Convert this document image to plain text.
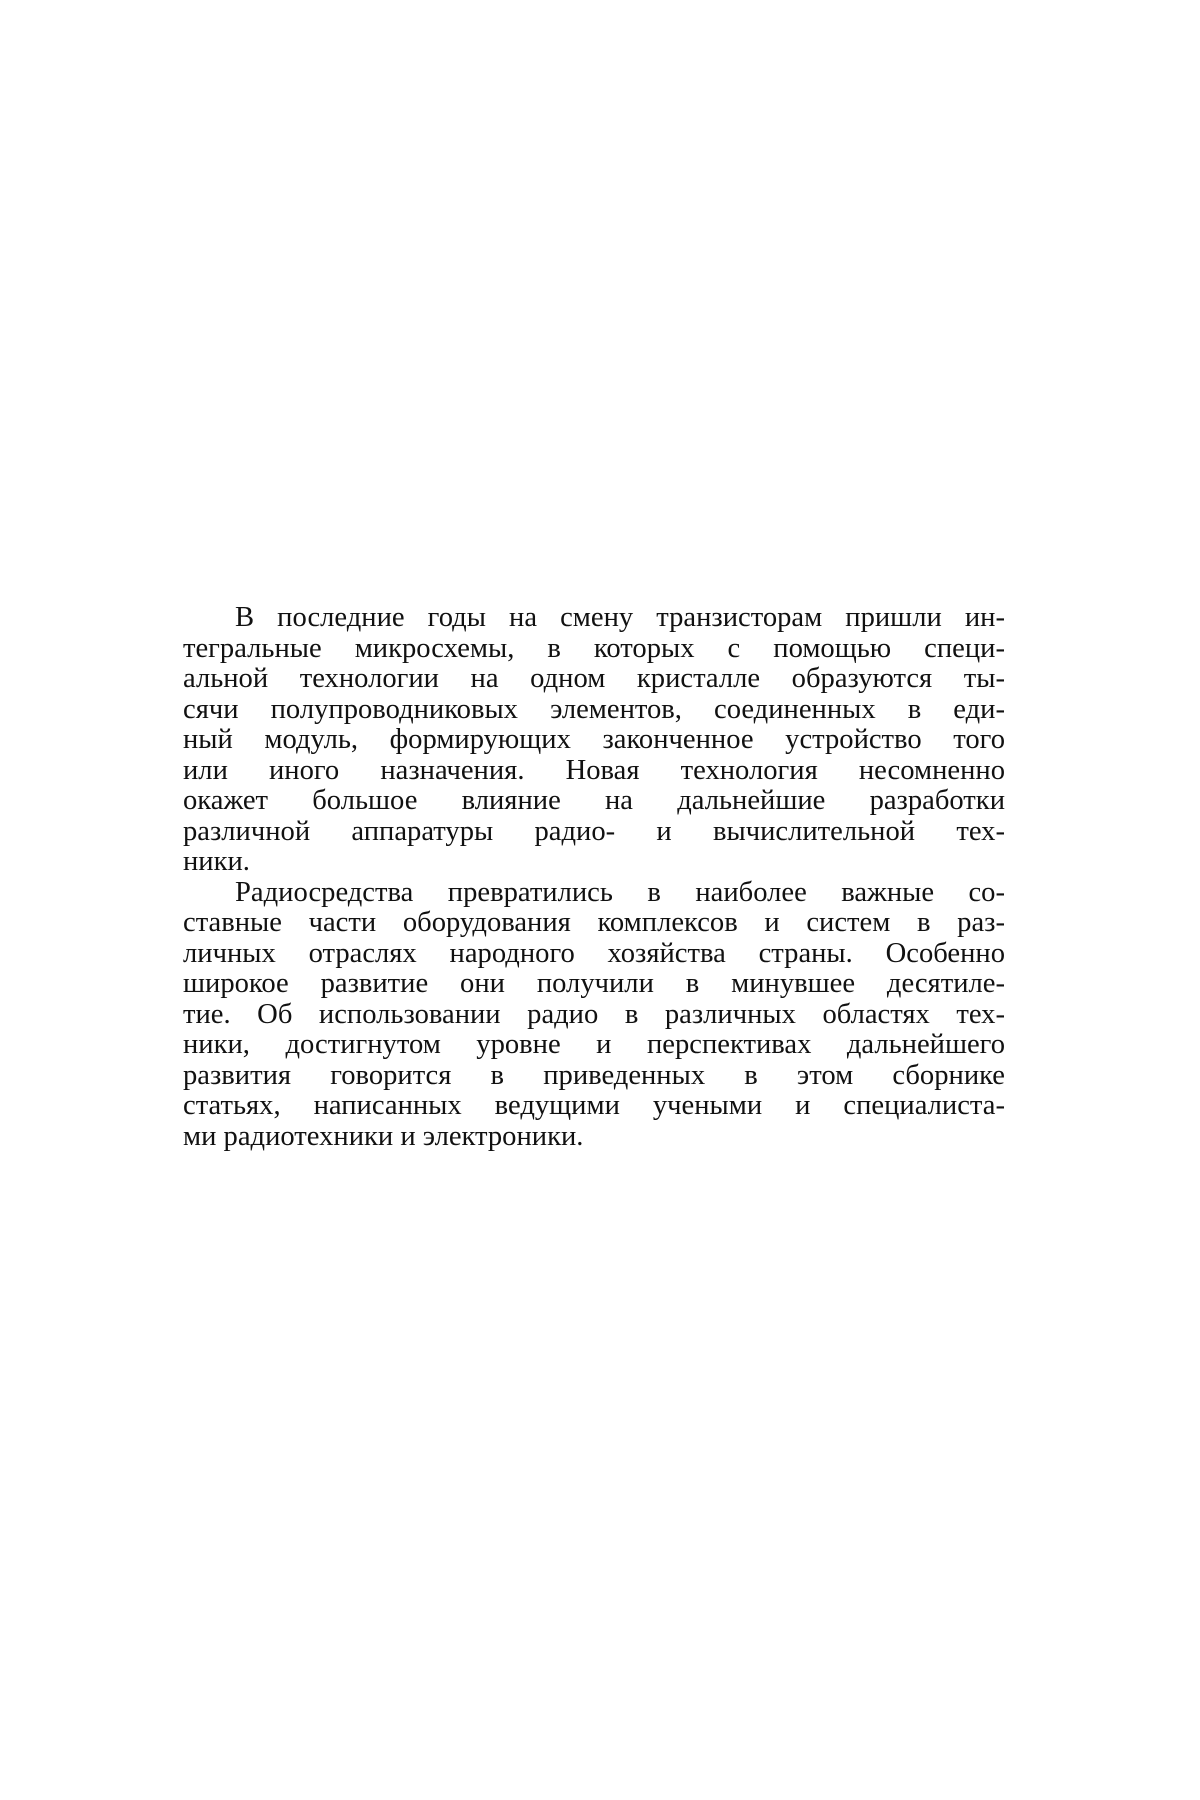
В последние годы на смену транзисторам пришли ин-
тегральные микросхемы, в которых с помощью специ-
альной технологии на одном кристалле образуются ты-
сячи полупроводниковых элементов, соединенных в еди-
ный модуль, формирующих законченное устройство того
или иного назначения. Новая технология несомненно
окажет большое влияние на дальнейшие разработки
различной аппаратуры радио- и вычислительной тех-
ники.

Радиосредства превратились в наиболее важные со-
ставные части оборудования комплексов и систем в раз-
личных отраслях народного хозяйства страны. Особенно
широкое развитие они получили в минувшее десятиле-
тие. Об использовании радио в различных областях тех-
ники, достигнутом уровне и перспективах дальнейшего
развития говорится в приведенных в этом сборнике
статьях, написанных ведущими учеными и специалиста-
ми радиотехники и электроники.
